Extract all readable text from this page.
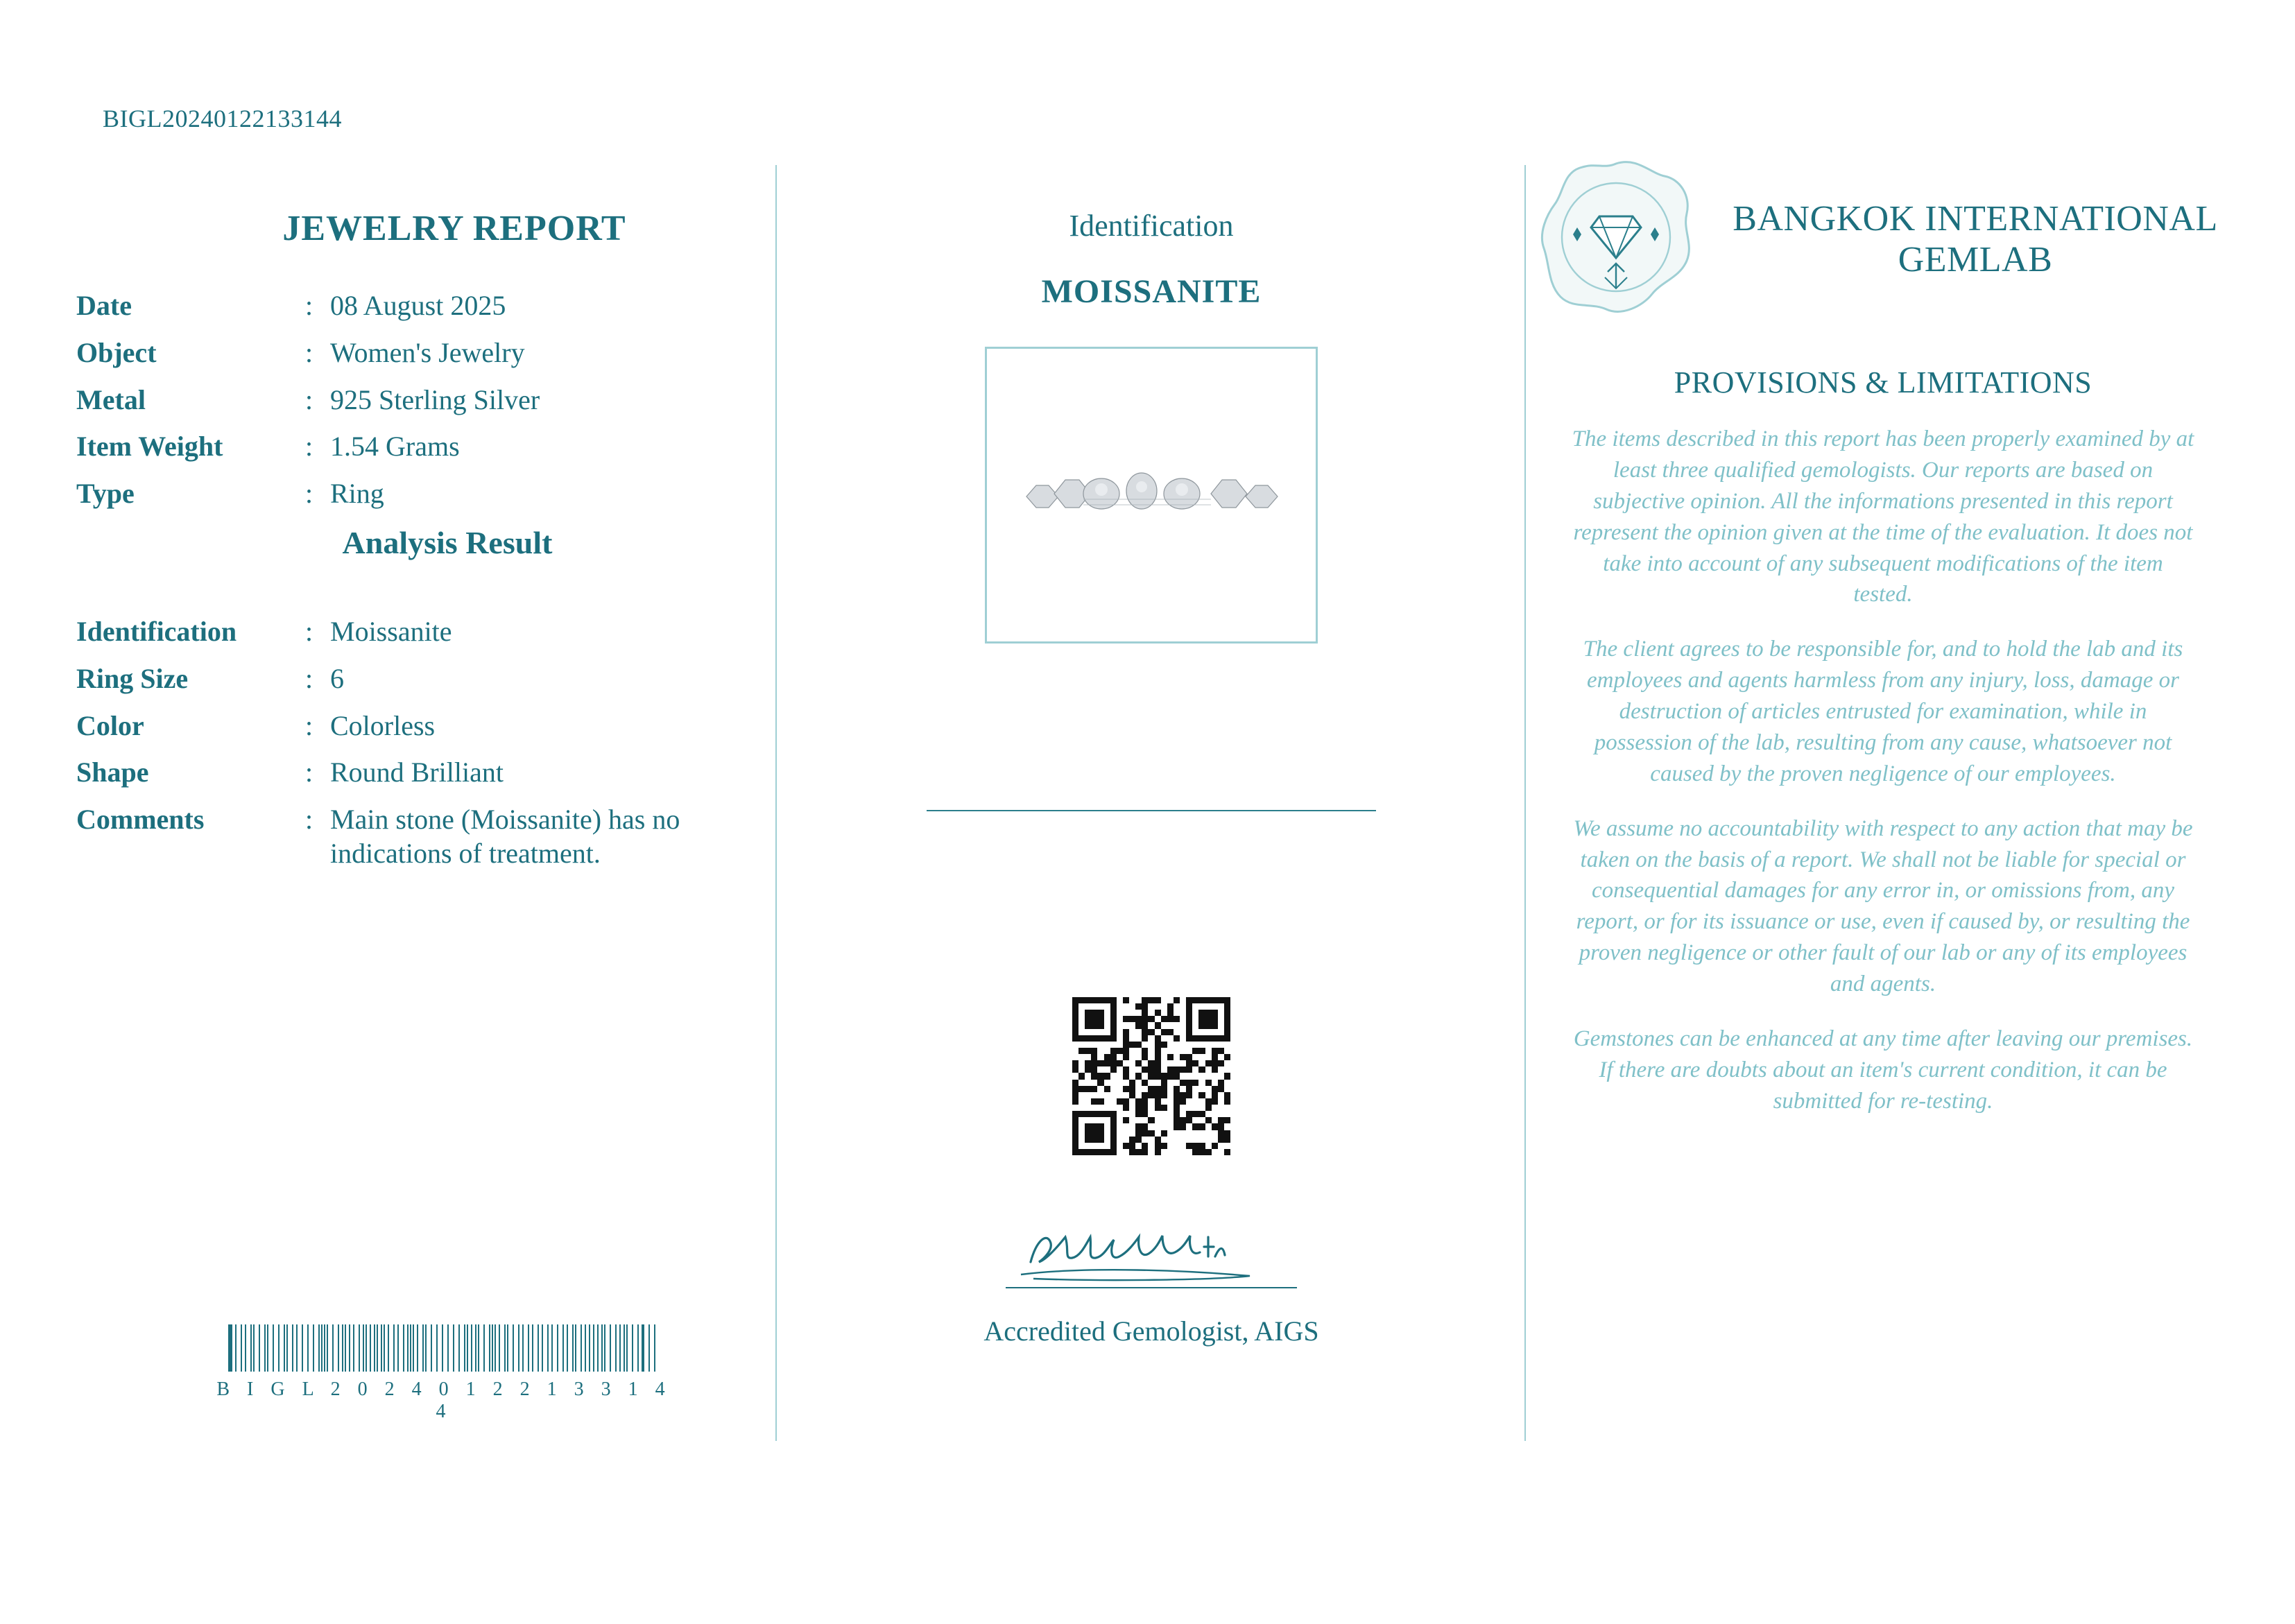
BIGL20240122133144
JEWELRY REPORT
Date	: 08 August 2025
Object	: Women's Jewelry
Metal	: 925 Sterling Silver
Item Weight	: 1.54 Grams
Type	: Ring
Analysis Result
Identification	: Moissanite
Ring Size	: 6
Color	: Colorless
Shape	: Round Brilliant
Comments	: Main stone (Moissanite) has no indications of treatment.
B I G L 2 0 2 4 0 1 2 2 1 3 3 1 4 4
Identification
MOISSANITE
Accredited Gemologist, AIGS
BANGKOK INTERNATIONAL GEMLAB
PROVISIONS & LIMITATIONS
The items described in this report has been properly examined by at least three qualified gemologists. Our reports are based on subjective opinion. All the informations presented in this report represent the opinion given at the time of the evaluation. It does not take into account of any subsequent modifications of the item tested.
The client agrees to be responsible for, and to hold the lab and its employees and agents harmless from any injury, loss, damage or destruction of articles entrusted for examination, while in possession of the lab, resulting from any cause, whatsoever not caused by the proven negligence of our employees.
We assume no accountability with respect to any action that may be taken on the basis of a report. We shall not be liable for special or consequential damages for any error in, or omissions from, any report, or for its issuance or use, even if caused by, or resulting the proven negligence or other fault of our lab or any of its employees and agents.
Gemstones can be enhanced at any time after leaving our premises. If there are doubts about an item's current condition, it can be submitted for re-testing.
